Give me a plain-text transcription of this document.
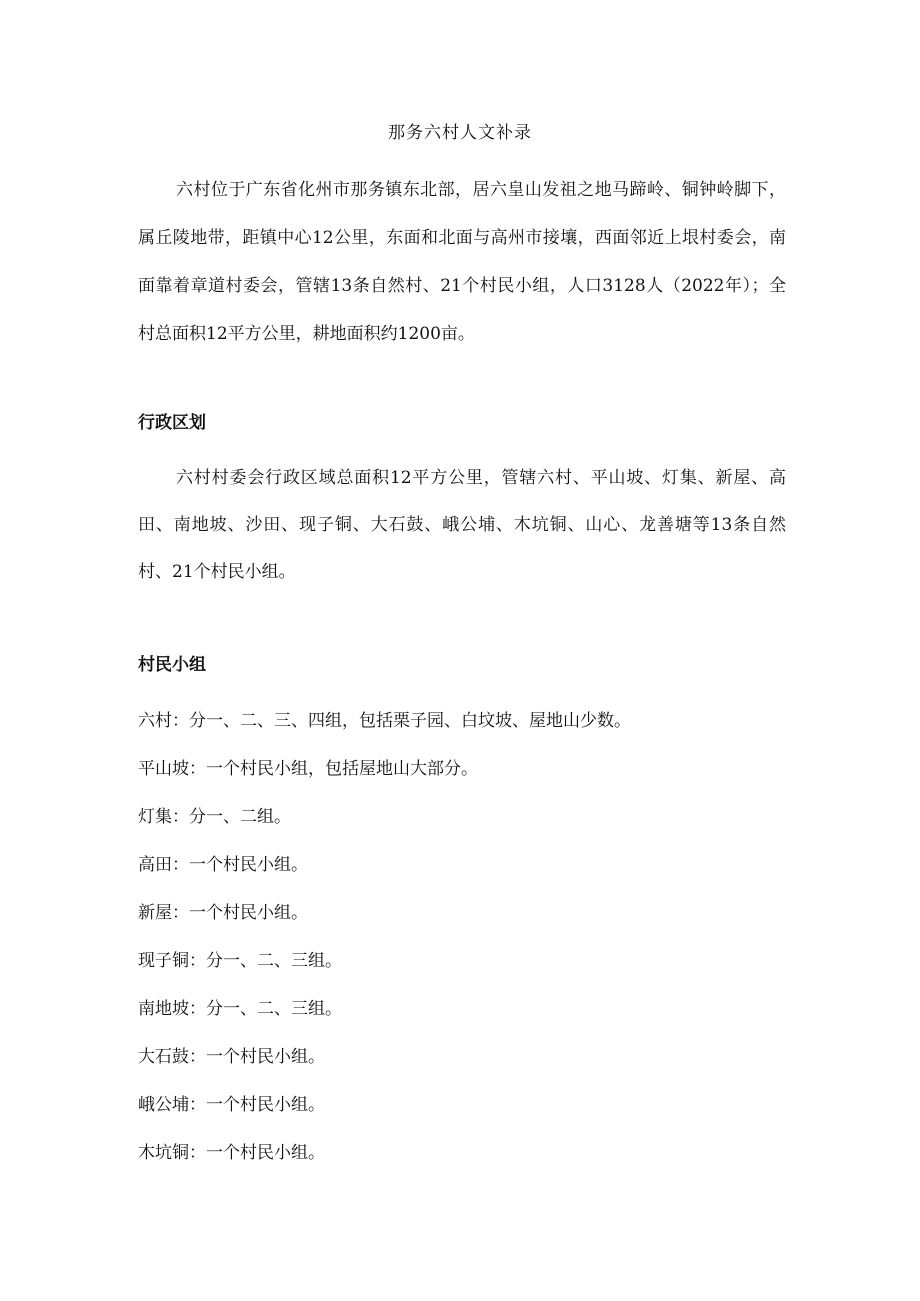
那务六村人文补录

六村位于广东省化州市那务镇东北部，居六皇山发祖之地马蹄岭、铜钟岭脚下，属丘陵地带，距镇中心12公里，东面和北面与高州市接壤，西面邻近上垠村委会，南面靠着章道村委会，管辖13条自然村、21个村民小组，人口3128人（2022年）；全村总面积12平方公里，耕地面积约1200亩。

行政区划

六村村委会行政区域总面积12平方公里，管辖六村、平山坡、灯集、新屋、高田、南地坡、沙田、现子铜、大石鼓、峨公埔、木坑铜、山心、龙善塘等13条自然村、21个村民小组。

村民小组
六村：分一、二、三、四组，包括栗子园、白坟坡、屋地山少数。
平山坡：一个村民小组，包括屋地山大部分。
灯集：分一、二组。
高田：一个村民小组。
新屋：一个村民小组。
现子铜：分一、二、三组。
南地坡：分一、二、三组。
大石鼓：一个村民小组。
峨公埔：一个村民小组。
木坑铜：一个村民小组。
